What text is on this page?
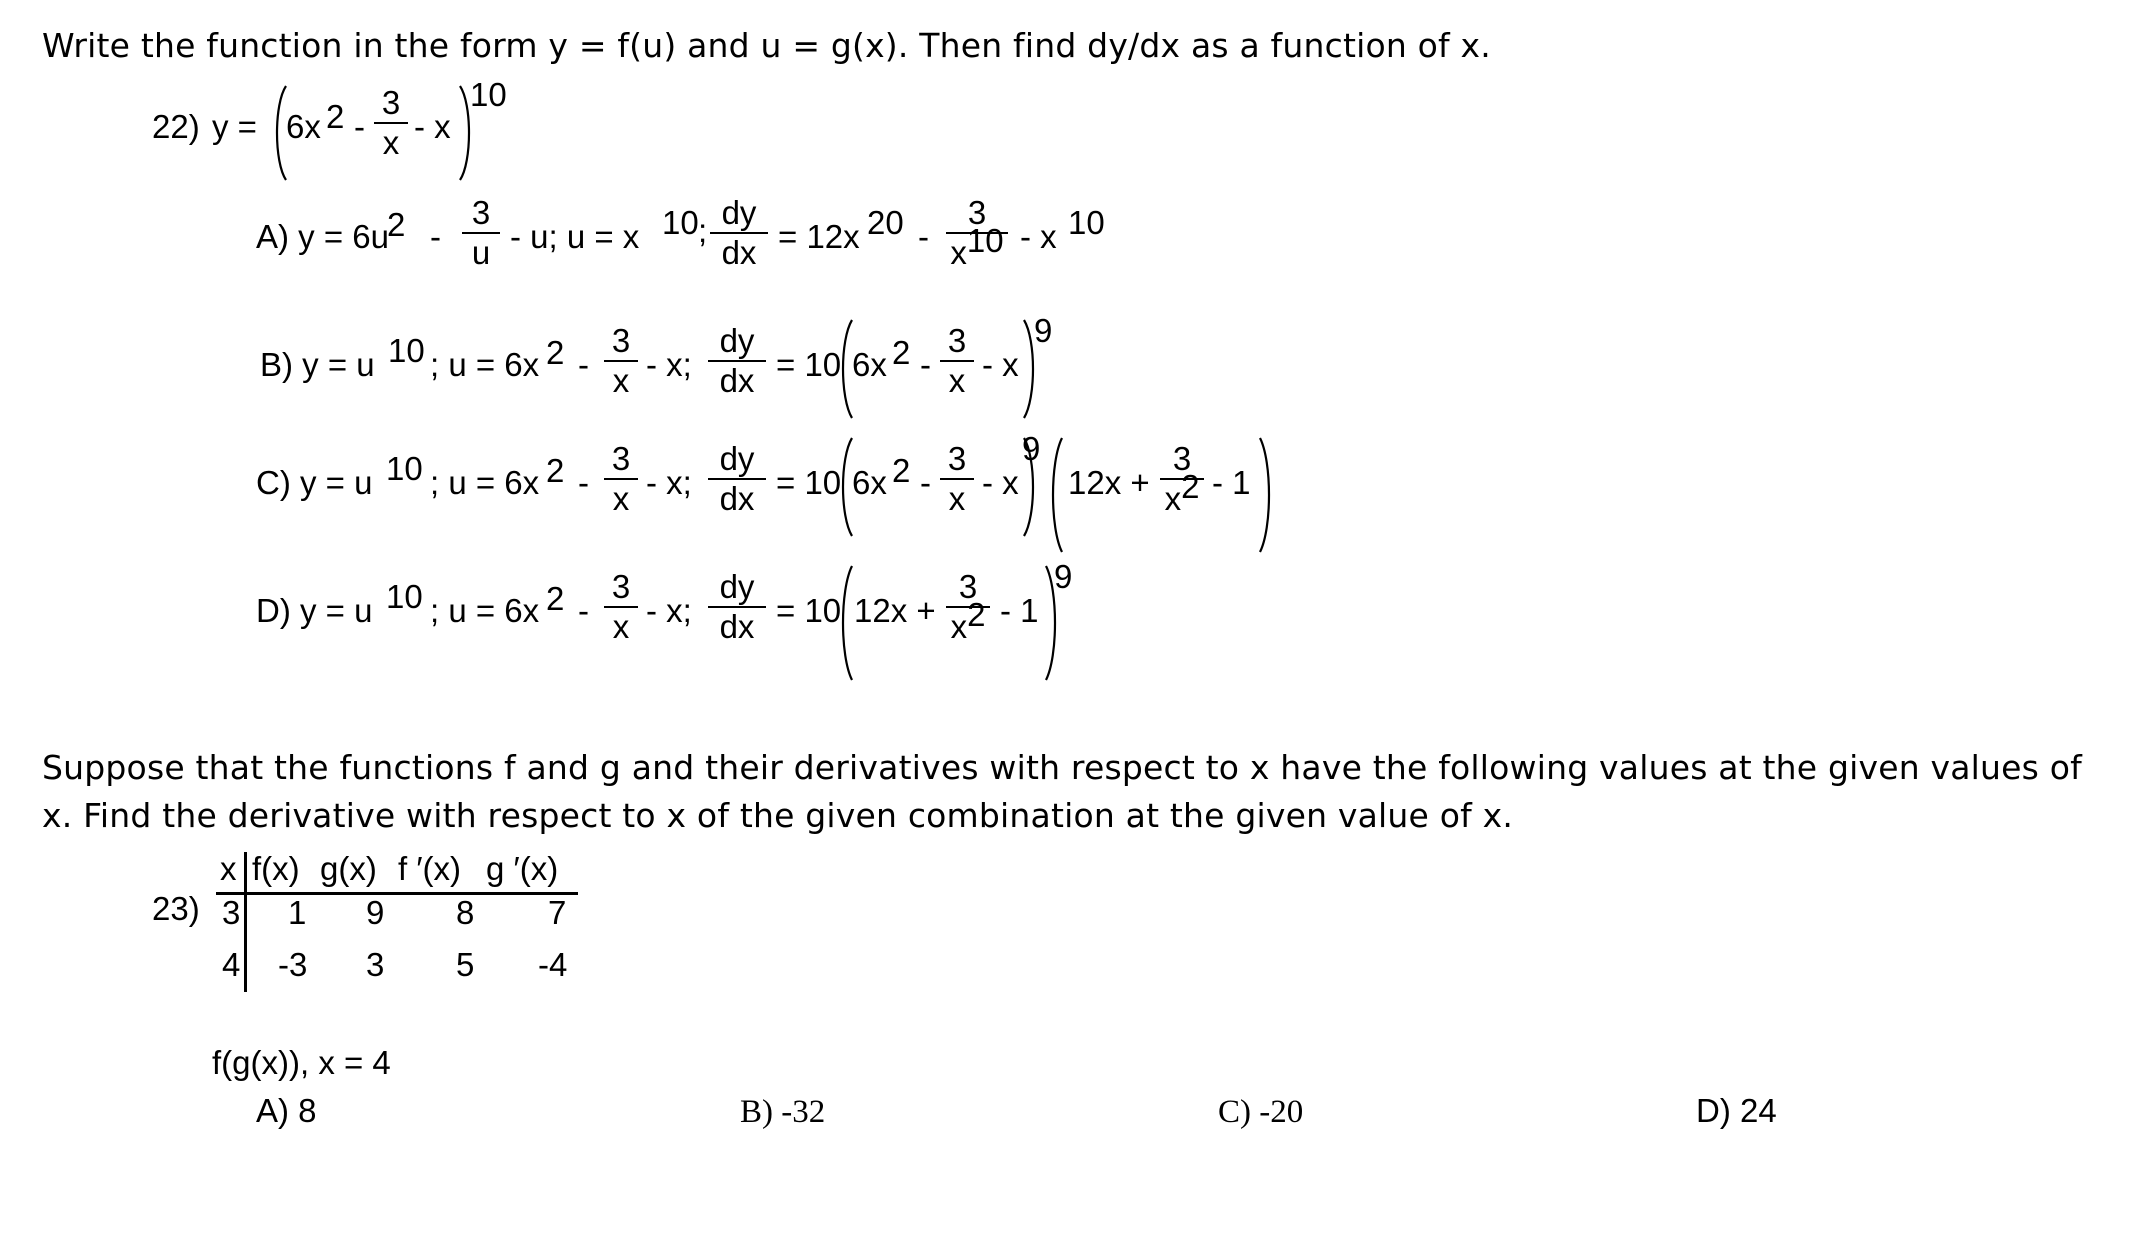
Write the function in the form y = f(u) and u = g(x). Then find dy/dx as a function of x.
22) y = 6x 2 -
3
x - x
10
A) y = 6u
2 -
3
u - u; u = x 10 ; dy
dx = 12x 20 -
3
x10 - x 10
B) y = u 10 ; u = 6x 2 -
3
x - x;
dy
dx = 10 6x 2 -
3
x - x
9
C) y = u 10 ; u = 6x 2 -
3
x - x;
dy
dx = 10 6x 2 -
3
x - x
9
12x +
3
x2 - 1
D) y = u 10 ; u = 6x 2 -
3
x - x;
dy
dx = 10 12x +
3
x2 - 1
9
Suppose that the functions f and g and their derivatives with respect to x have the following values at the given values of
x. Find the derivative with respect to x of the given combination at the given value of x.
23)
x f(x) g(x) f ′(x) g ′(x)
3 1 9 8 7
4 -3 3 5 -4
f(g(x)), x = 4
A) 8	B) -32	C) -20	D) 24
